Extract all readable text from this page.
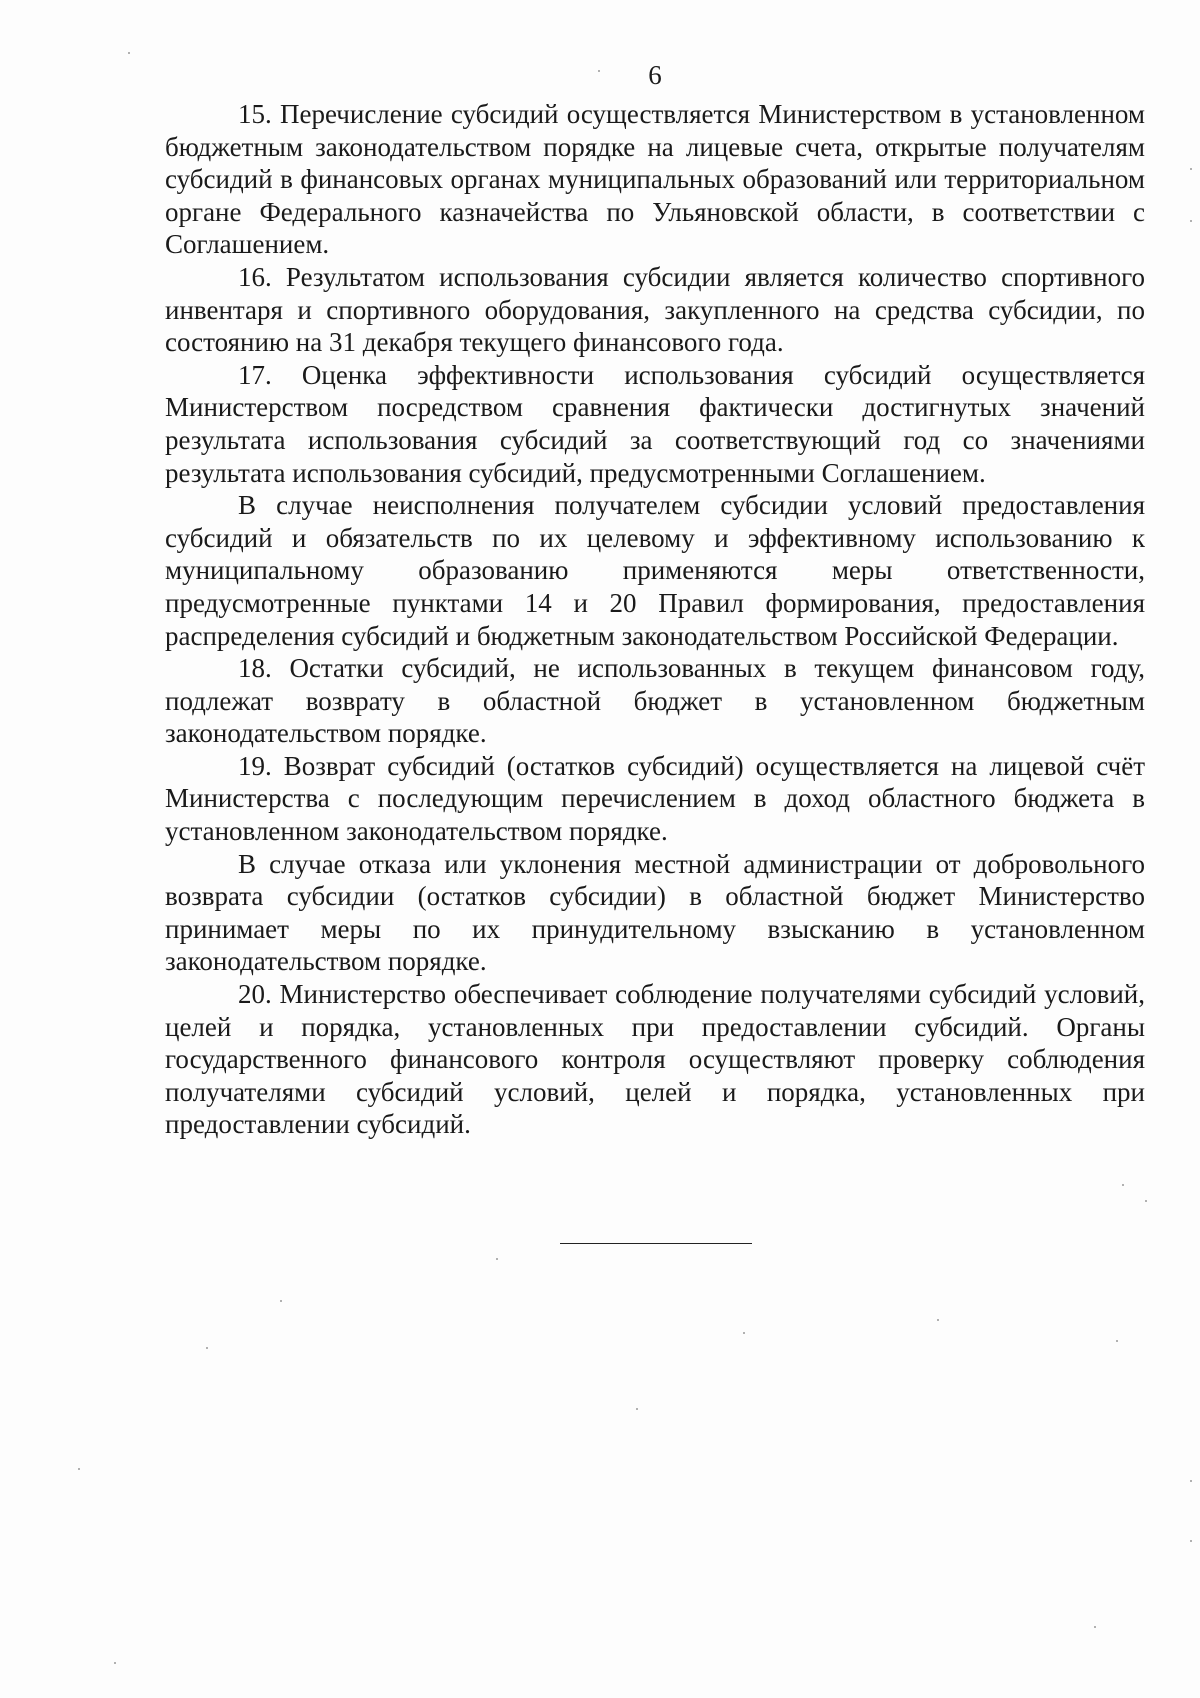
6

15. Перечисление субсидий осуществляется Министерством в установленном бюджетным законодательством порядке на лицевые счета, открытые получателям субсидий в финансовых органах муниципальных образований или территориальном органе Федерального казначейства по Ульяновской области, в соответствии с Соглашением.

16. Результатом использования субсидии является количество спортивного инвентаря и спортивного оборудования, закупленного на средства субсидии, по состоянию на 31 декабря текущего финансового года.

17. Оценка эффективности использования субсидий осуществляется Министерством посредством сравнения фактически достигнутых значений результата использования субсидий за соответствующий год со значениями результата использования субсидий, предусмотренными Соглашением.

В случае неисполнения получателем субсидии условий предоставления субсидий и обязательств по их целевому и эффективному использованию к муниципальному образованию применяются меры ответственности, предусмотренные пунктами 14 и 20 Правил формирования, предоставления распределения субсидий и бюджетным законодательством Российской Федерации.

18. Остатки субсидий, не использованных в текущем финансовом году, подлежат возврату в областной бюджет в установленном бюджетным законодательством порядке.

19. Возврат субсидий (остатков субсидий) осуществляется на лицевой счёт Министерства с последующим перечислением в доход областного бюджета в установленном законодательством порядке.

В случае отказа или уклонения местной администрации от добровольного возврата субсидии (остатков субсидии) в областной бюджет Министерство принимает меры по их принудительному взысканию в установленном законодательством порядке.

20. Министерство обеспечивает соблюдение получателями субсидий условий, целей и порядка, установленных при предоставлении субсидий. Органы государственного финансового контроля осуществляют проверку соблюдения получателями субсидий условий, целей и порядка, установленных при предоставлении субсидий.
